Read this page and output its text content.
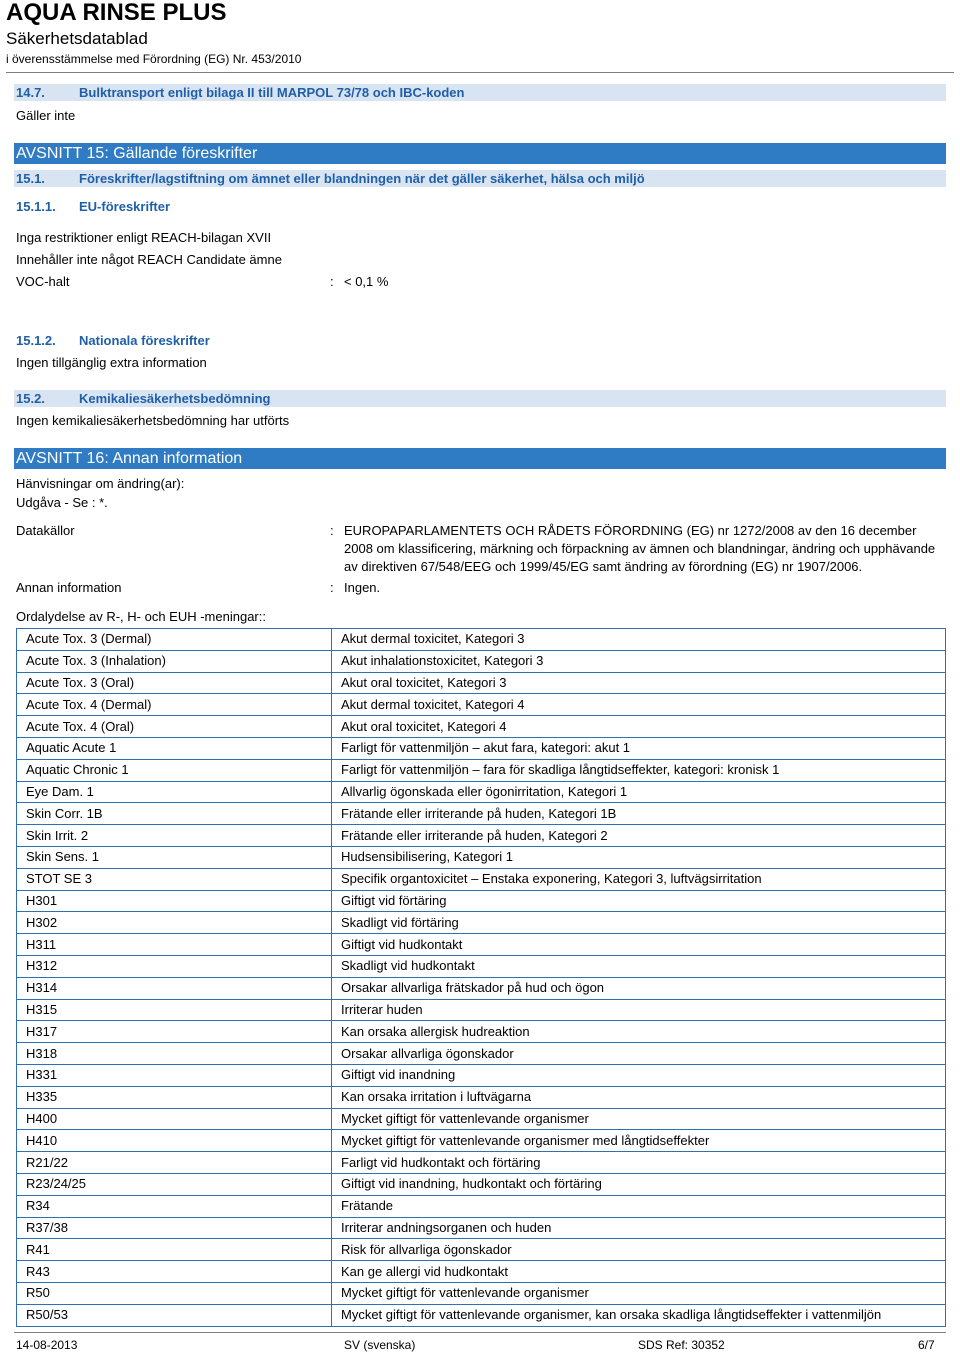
AQUA RINSE PLUS
Säkerhetsdatablad
i överensstämmelse med Förordning (EG) Nr. 453/2010
14.7.	Bulktransport enligt bilaga II till MARPOL 73/78 och IBC-koden
Gäller inte
AVSNITT 15: Gällande föreskrifter
15.1.	Föreskrifter/lagstiftning om ämnet eller blandningen när det gäller säkerhet, hälsa och miljö
15.1.1. EU-föreskrifter
Inga restriktioner enligt REACH-bilagan XVII
Innehåller inte något REACH Candidate ämne
VOC-halt	: < 0,1 %
15.1.2. Nationala föreskrifter
Ingen tillgänglig extra information
15.2.	Kemikaliesäkerhetsbedömning
Ingen kemikaliesäkerhetsbedömning har utförts
AVSNITT 16: Annan information
Hänvisningar om ändring(ar):
Udgåva - Se : *.
Datakällor	: EUROPAPARLAMENTETS OCH RÅDETS FÖRORDNING (EG) nr 1272/2008 av den 16 december 2008 om klassificering, märkning och förpackning av ämnen och blandningar, ändring och upphävande av direktiven 67/548/EEG och 1999/45/EG samt ändring av förordning (EG) nr 1907/2006.
Annan information	: Ingen.
Ordalydelse av R-, H- och EUH -meningar::
Acute Tox. 3 (Dermal)	Akut dermal toxicitet, Kategori 3
Acute Tox. 3 (Inhalation)	Akut inhalationstoxicitet, Kategori 3
Acute Tox. 3 (Oral)	Akut oral toxicitet, Kategori 3
Acute Tox. 4 (Dermal)	Akut dermal toxicitet, Kategori 4
Acute Tox. 4 (Oral)	Akut oral toxicitet, Kategori 4
Aquatic Acute 1	Farligt för vattenmiljön – akut fara, kategori: akut 1
Aquatic Chronic 1	Farligt för vattenmiljön – fara för skadliga långtidseffekter, kategori: kronisk 1
Eye Dam. 1	Allvarlig ögonskada eller ögonirritation, Kategori 1
Skin Corr. 1B	Frätande eller irriterande på huden, Kategori 1B
Skin Irrit. 2	Frätande eller irriterande på huden, Kategori 2
Skin Sens. 1	Hudsensibilisering, Kategori 1
STOT SE 3	Specifik organtoxicitet – Enstaka exponering, Kategori 3, luftvägsirritation
H301	Giftigt vid förtäring
H302	Skadligt vid förtäring
H311	Giftigt vid hudkontakt
H312	Skadligt vid hudkontakt
H314	Orsakar allvarliga frätskador på hud och ögon
H315	Irriterar huden
H317	Kan orsaka allergisk hudreaktion
H318	Orsakar allvarliga ögonskador
H331	Giftigt vid inandning
H335	Kan orsaka irritation i luftvägarna
H400	Mycket giftigt för vattenlevande organismer
H410	Mycket giftigt för vattenlevande organismer med långtidseffekter
R21/22	Farligt vid hudkontakt och förtäring
R23/24/25	Giftigt vid inandning, hudkontakt och förtäring
R34	Frätande
R37/38	Irriterar andningsorganen och huden
R41	Risk för allvarliga ögonskador
R43	Kan ge allergi vid hudkontakt
R50	Mycket giftigt för vattenlevande organismer
R50/53	Mycket giftigt för vattenlevande organismer, kan orsaka skadliga långtidseffekter i vattenmiljön
14-08-2013	SV (svenska)	SDS Ref: 30352	6/7
